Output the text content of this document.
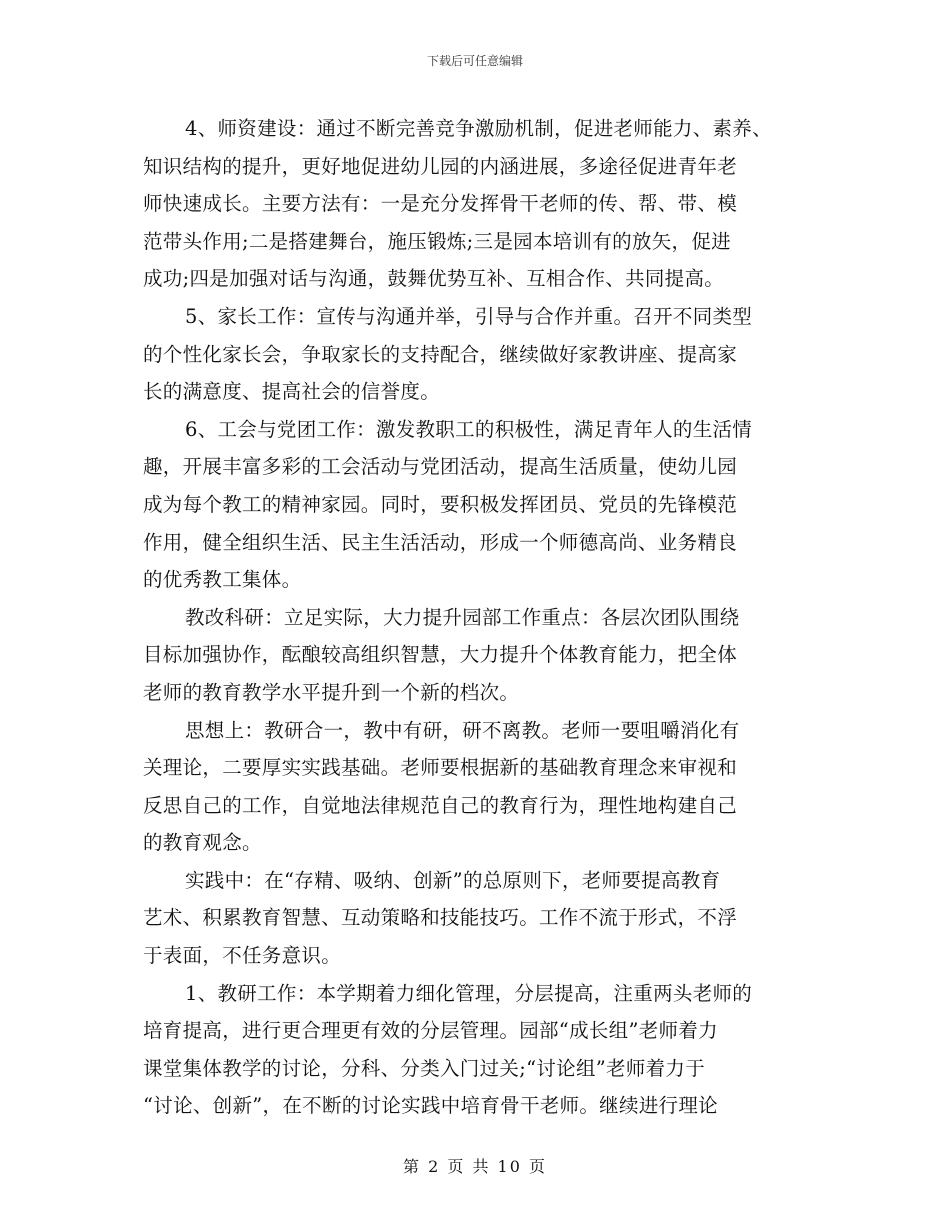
下载后可任意编辑
4、师资建设：通过不断完善竞争激励机制，促进老师能力、素养、
知识结构的提升，更好地促进幼儿园的内涵进展，多途径促进青年老
师快速成长。主要方法有：一是充分发挥骨干老师的传、帮、带、模
范带头作用;二是搭建舞台，施压锻炼;三是园本培训有的放矢，促进
成功;四是加强对话与沟通，鼓舞优势互补、互相合作、共同提高。
5、家长工作：宣传与沟通并举，引导与合作并重。召开不同类型
的个性化家长会，争取家长的支持配合，继续做好家教讲座、提高家
长的满意度、提高社会的信誉度。
6、工会与党团工作：激发教职工的积极性，满足青年人的生活情
趣，开展丰富多彩的工会活动与党团活动，提高生活质量，使幼儿园
成为每个教工的精神家园。同时，要积极发挥团员、党员的先锋模范
作用，健全组织生活、民主生活活动，形成一个师德高尚、业务精良
的优秀教工集体。
教改科研：立足实际，大力提升园部工作重点：各层次团队围绕
目标加强协作，酝酿较高组织智慧，大力提升个体教育能力，把全体
老师的教育教学水平提升到一个新的档次。
思想上：教研合一，教中有研，研不离教。老师一要咀嚼消化有
关理论，二要厚实实践基础。老师要根据新的基础教育理念来审视和
反思自己的工作，自觉地法律规范自己的教育行为，理性地构建自己
的教育观念。
实践中：在“存精、吸纳、创新”的总原则下，老师要提高教育
艺术、积累教育智慧、互动策略和技能技巧。工作不流于形式，不浮
于表面，不任务意识。
1、教研工作：本学期着力细化管理，分层提高，注重两头老师的
培育提高，进行更合理更有效的分层管理。园部“成长组”老师着力
课堂集体教学的讨论，分科、分类入门过关;“讨论组”老师着力于
“讨论、创新”，在不断的讨论实践中培育骨干老师。继续进行理论
第 2 页 共 10 页
